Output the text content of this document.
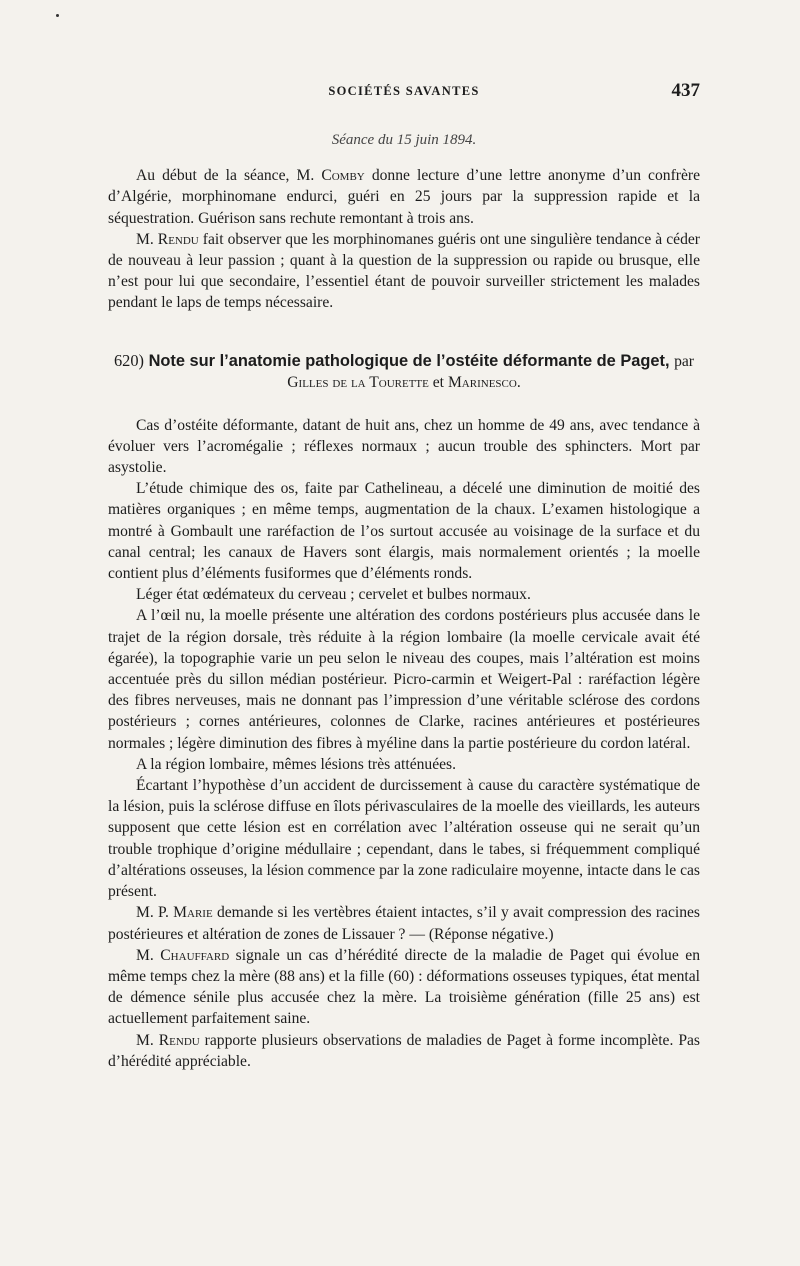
SOCIÉTÉS SAVANTES	437
Séance du 15 juin 1894.

Au début de la séance, M. Comby donne lecture d’une lettre anonyme d’un confrère d’Algérie, morphinomane endurci, guéri en 25 jours par la suppression rapide et la séquestration. Guérison sans rechute remontant à trois ans.

M. Rendu fait observer que les morphinomanes guéris ont une singulière tendance à céder de nouveau à leur passion ; quant à la question de la suppression ou rapide ou brusque, elle n’est pour lui que secondaire, l’essentiel étant de pouvoir surveiller strictement les malades pendant le laps de temps nécessaire.

620) Note sur l’anatomie pathologique de l’ostéite déformante de Paget, par Gilles de la Tourette et Marinesco.

Cas d’ostéite déformante, datant de huit ans, chez un homme de 49 ans, avec tendance à évoluer vers l’acromégalie ; réflexes normaux ; aucun trouble des sphincters. Mort par asystolie.

L’étude chimique des os, faite par Cathelineau, a décelé une diminution de moitié des matières organiques ; en même temps, augmentation de la chaux. L’examen histologique a montré à Gombault une raréfaction de l’os surtout accusée au voisinage de la surface et du canal central; les canaux de Havers sont élargis, mais normalement orientés ; la moelle contient plus d’éléments fusiformes que d’éléments ronds.

Léger état œdémateux du cerveau ; cervelet et bulbes normaux.

A l’œil nu, la moelle présente une altération des cordons postérieurs plus accusée dans le trajet de la région dorsale, très réduite à la région lombaire (la moelle cervicale avait été égarée), la topographie varie un peu selon le niveau des coupes, mais l’altération est moins accentuée près du sillon médian postérieur. Picro-carmin et Weigert-Pal : raréfaction légère des fibres nerveuses, mais ne donnant pas l’impression d’une véritable sclérose des cordons postérieurs ; cornes antérieures, colonnes de Clarke, racines antérieures et postérieures normales ; légère diminution des fibres à myéline dans la partie postérieure du cordon latéral.

A la région lombaire, mêmes lésions très atténuées.

Écartant l’hypothèse d’un accident de durcissement à cause du caractère systématique de la lésion, puis la sclérose diffuse en îlots périvasculaires de la moelle des vieillards, les auteurs supposent que cette lésion est en corrélation avec l’altération osseuse qui ne serait qu’un trouble trophique d’origine médullaire ; cependant, dans le tabes, si fréquemment compliqué d’altérations osseuses, la lésion commence par la zone radiculaire moyenne, intacte dans le cas présent.

M. P. Marie demande si les vertèbres étaient intactes, s’il y avait compression des racines postérieures et altération de zones de Lissauer ? — (Réponse négative.)

M. Chauffard signale un cas d’hérédité directe de la maladie de Paget qui évolue en même temps chez la mère (88 ans) et la fille (60) : déformations osseuses typiques, état mental de démence sénile plus accusée chez la mère. La troisième génération (fille 25 ans) est actuellement parfaitement saine.

M. Rendu rapporte plusieurs observations de maladies de Paget à forme incomplète. Pas d’hérédité appréciable.
